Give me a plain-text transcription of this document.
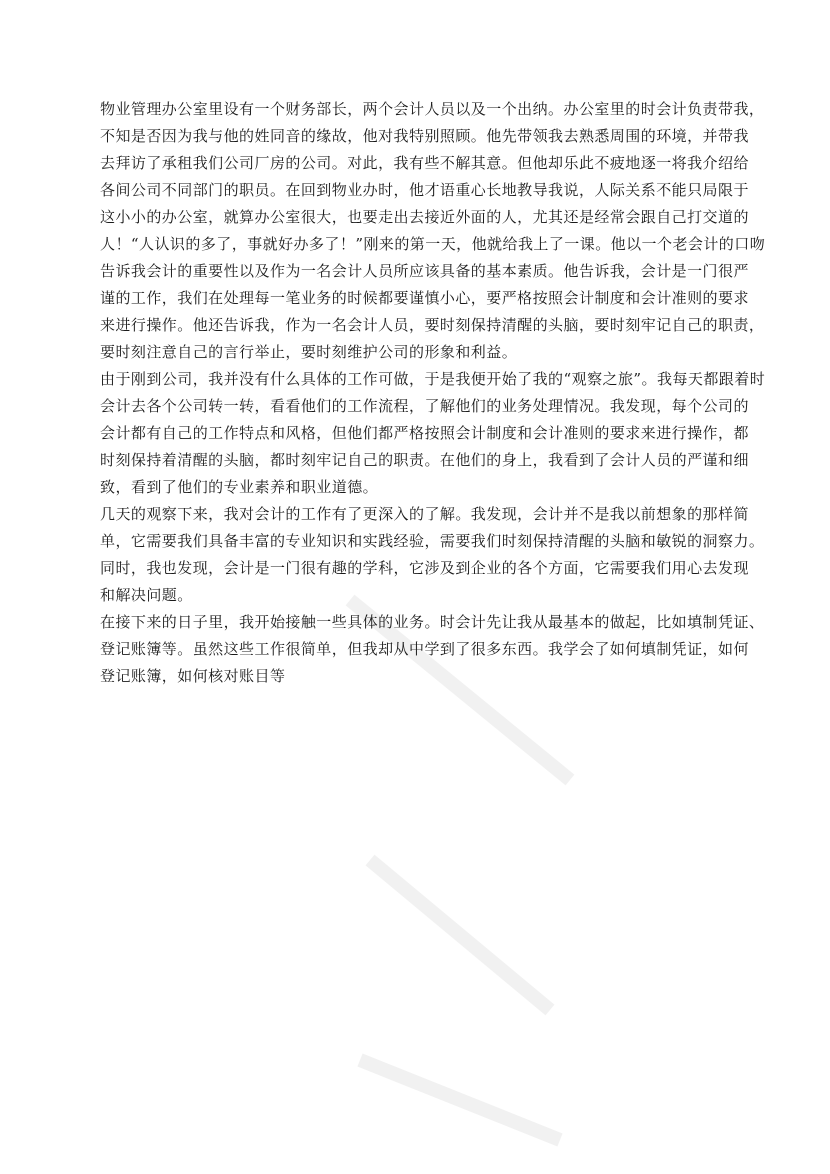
物业管理办公室里设有一个财务部长，两个会计人员以及一个出纳。办公室里的时会计负责带我，
不知是否因为我与他的姓同音的缘故，他对我特别照顾。他先带领我去熟悉周围的环境，并带我
去拜访了承租我们公司厂房的公司。对此，我有些不解其意。但他却乐此不疲地逐一将我介绍给
各间公司不同部门的职员。在回到物业办时，他才语重心长地教导我说，人际关系不能只局限于
这小小的办公室，就算办公室很大，也要走出去接近外面的人，尤其还是经常会跟自己打交道的
人！“人认识的多了，事就好办多了！”刚来的第一天，他就给我上了一课。他以一个老会计的口吻
告诉我会计的重要性以及作为一名会计人员所应该具备的基本素质。他告诉我，会计是一门很严
谨的工作，我们在处理每一笔业务的时候都要谨慎小心，要严格按照会计制度和会计准则的要求
来进行操作。他还告诉我，作为一名会计人员，要时刻保持清醒的头脑，要时刻牢记自己的职责，
要时刻注意自己的言行举止，要时刻维护公司的形象和利益。
由于刚到公司，我并没有什么具体的工作可做，于是我便开始了我的“观察之旅”。我每天都跟着时
会计去各个公司转一转，看看他们的工作流程，了解他们的业务处理情况。我发现，每个公司的
会计都有自己的工作特点和风格，但他们都严格按照会计制度和会计准则的要求来进行操作，都
时刻保持着清醒的头脑，都时刻牢记自己的职责。在他们的身上，我看到了会计人员的严谨和细
致，看到了他们的专业素养和职业道德。
几天的观察下来，我对会计的工作有了更深入的了解。我发现，会计并不是我以前想象的那样简
单，它需要我们具备丰富的专业知识和实践经验，需要我们时刻保持清醒的头脑和敏锐的洞察力。
同时，我也发现，会计是一门很有趣的学科，它涉及到企业的各个方面，它需要我们用心去发现
和解决问题。
在接下来的日子里，我开始接触一些具体的业务。时会计先让我从最基本的做起，比如填制凭证、
登记账簿等。虽然这些工作很简单，但我却从中学到了很多东西。我学会了如何填制凭证，如何
登记账簿，如何核对账目等
